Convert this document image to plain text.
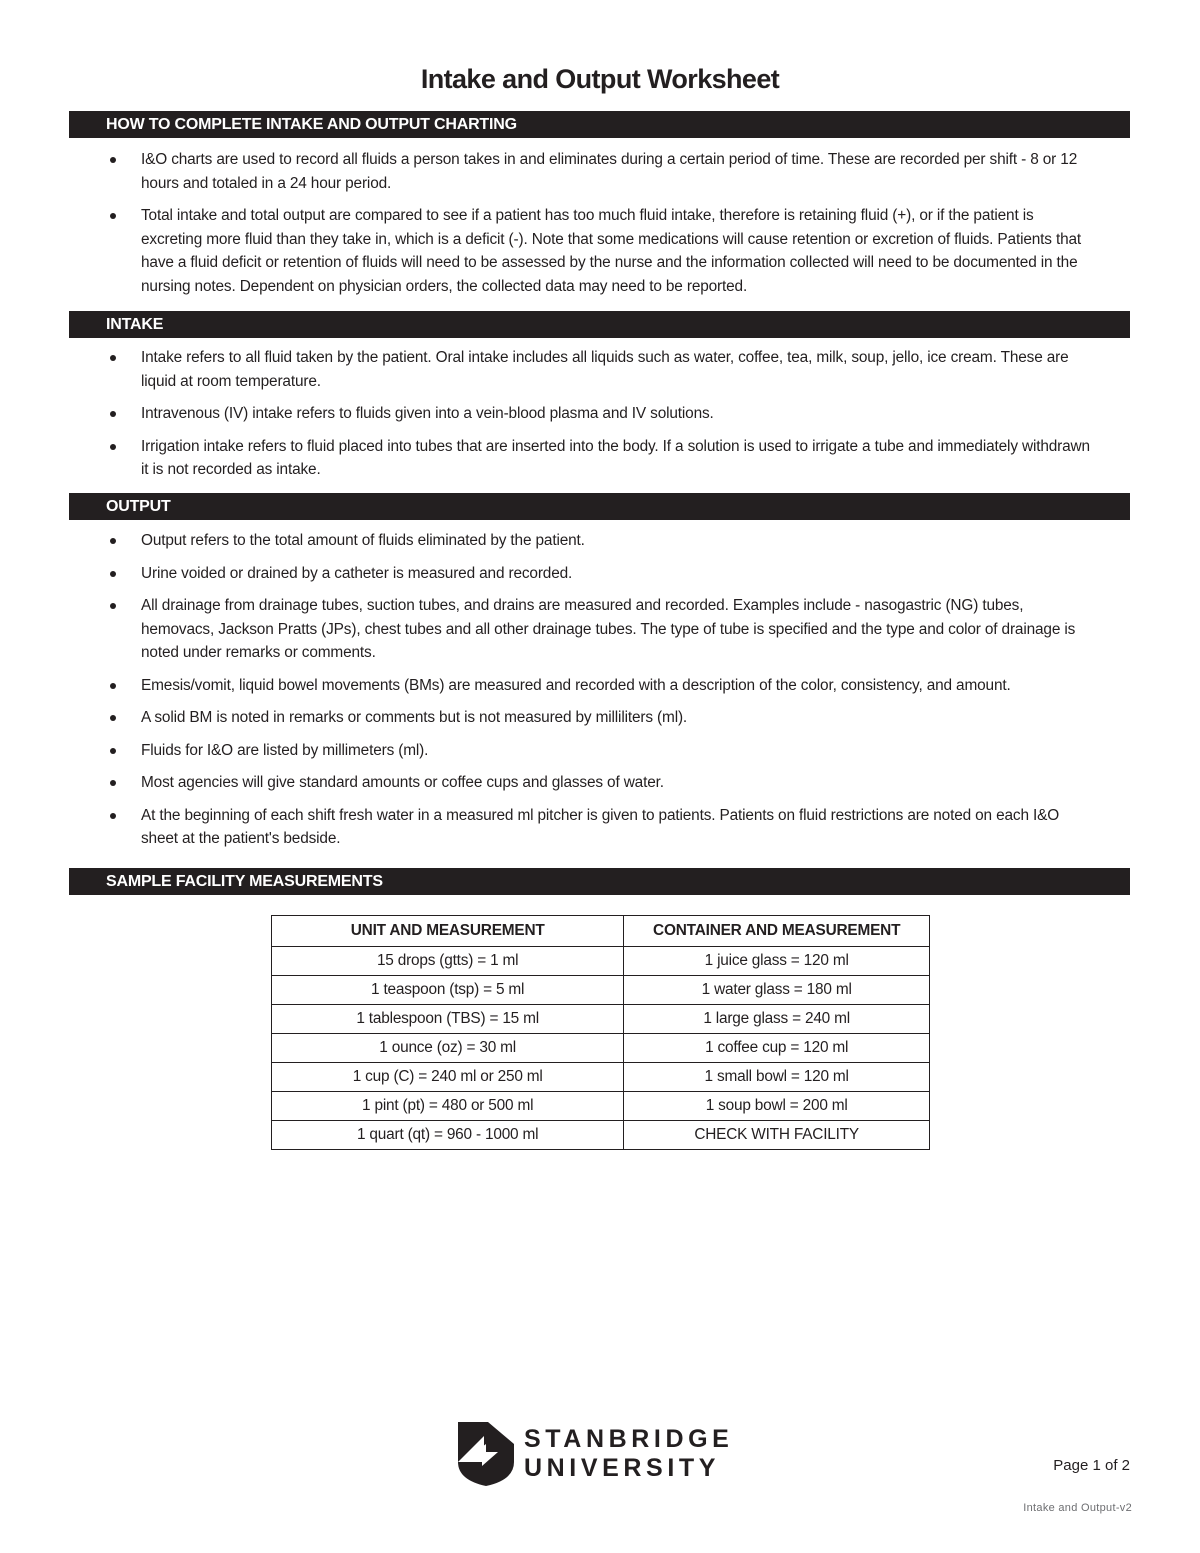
Intake and Output Worksheet
HOW TO COMPLETE INTAKE AND OUTPUT CHARTING
I&O charts are used to record all fluids a person takes in and eliminates during a certain period of time. These are recorded per shift - 8 or 12 hours and totaled in a 24 hour period.
Total intake and total output are compared to see if a patient has too much fluid intake, therefore is retaining fluid (+), or if the patient is excreting more fluid than they take in, which is a deficit (-). Note that some medications will cause retention or excretion of fluids. Patients that have a fluid deficit or retention of fluids will need to be assessed by the nurse and the information collected will need to be documented in the nursing notes. Dependent on physician orders, the collected data may need to be reported.
INTAKE
Intake refers to all fluid taken by the patient. Oral intake includes all liquids such as water, coffee, tea, milk, soup, jello, ice cream. These are liquid at room temperature.
Intravenous (IV) intake refers to fluids given into a vein-blood plasma and IV solutions.
Irrigation intake refers to fluid placed into tubes that are inserted into the body. If a solution is used to irrigate a tube and immediately withdrawn it is not recorded as intake.
OUTPUT
Output refers to the total amount of fluids eliminated by the patient.
Urine voided or drained by a catheter is measured and recorded.
All drainage from drainage tubes, suction tubes, and drains are measured and recorded. Examples include - nasogastric (NG) tubes, hemovacs, Jackson Pratts (JPs), chest tubes and all other drainage tubes. The type of tube is specified and the type and color of drainage is noted under remarks or comments.
Emesis/vomit, liquid bowel movements (BMs) are measured and recorded with a description of the color, consistency, and amount.
A solid BM is noted in remarks or comments but is not measured by milliliters (ml).
Fluids for I&O are listed by millimeters (ml).
Most agencies will give standard amounts or coffee cups and glasses of water.
At the beginning of each shift fresh water in a measured ml pitcher is given to patients. Patients on fluid restrictions are noted on each I&O sheet at the patient's bedside.
SAMPLE FACILITY MEASUREMENTS
UNIT AND MEASUREMENT	CONTAINER AND MEASUREMENT
15 drops (gtts) = 1 ml	1 juice glass = 120 ml
1 teaspoon (tsp) = 5 ml	1 water glass = 180 ml
1 tablespoon (TBS) = 15 ml	1 large glass = 240 ml
1 ounce (oz) = 30 ml	1 coffee cup = 120 ml
1 cup (C) = 240 ml or 250 ml	1 small bowl = 120 ml
1 pint (pt) = 480 or 500 ml	1 soup bowl = 200 ml
1 quart (qt) = 960 - 1000 ml	CHECK WITH FACILITY
STANBRIDGE
UNIVERSITY	Page 1 of 2
Intake and Output-v2
